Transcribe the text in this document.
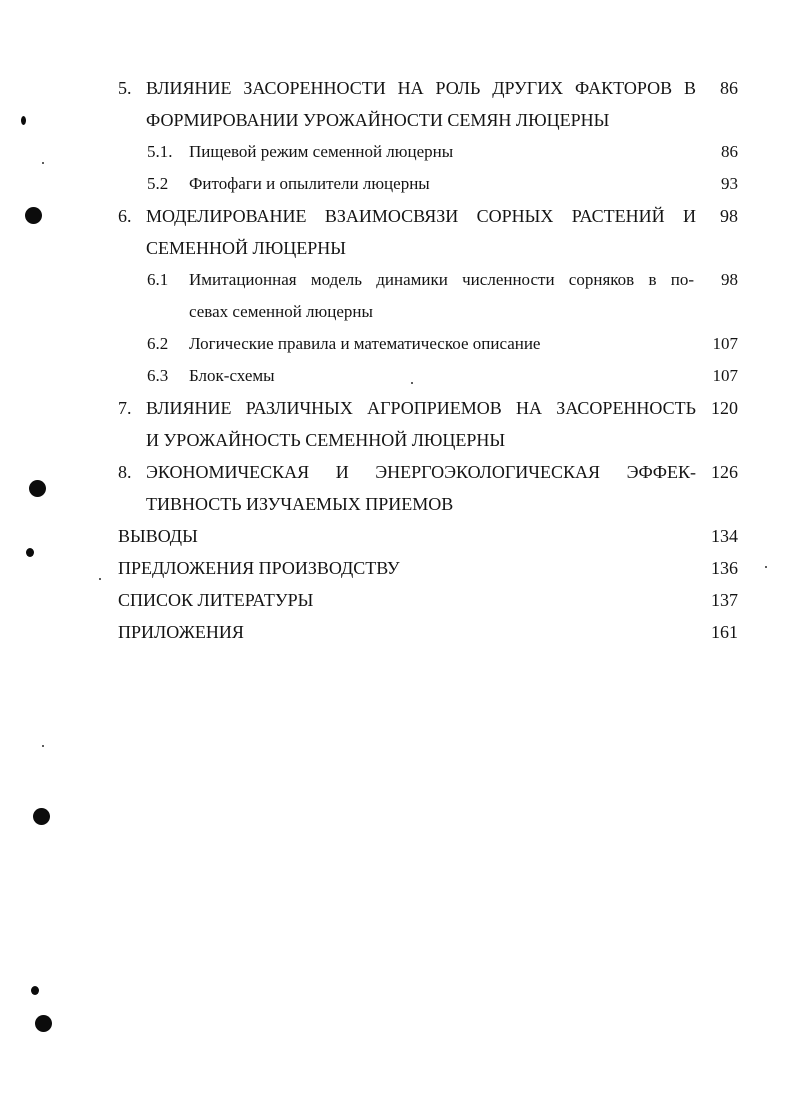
5. ВЛИЯНИЕ ЗАСОРЕННОСТИ НА РОЛЬ ДРУГИХ ФАКТОРОВ В	86
ФОРМИРОВАНИИ УРОЖАЙНОСТИ СЕМЯН ЛЮЦЕРНЫ
5.1. Пищевой режим семенной люцерны	86
5.2 Фитофаги и опылители люцерны	93
6. МОДЕЛИРОВАНИЕ ВЗАИМОСВЯЗИ СОРНЫХ РАСТЕНИЙ И	98
СЕМЕННОЙ ЛЮЦЕРНЫ
6.1 Имитационная модель динамики численности сорняков в по-	98
севах семенной люцерны
6.2 Логические правила и математическое описание	107
6.3 Блок-схемы	107
7. ВЛИЯНИЕ РАЗЛИЧНЫХ АГРОПРИЕМОВ НА ЗАСОРЕННОСТЬ 120
И УРОЖАЙНОСТЬ СЕМЕННОЙ ЛЮЦЕРНЫ
8. ЭКОНОМИЧЕСКАЯ И ЭНЕРГОЭКОЛОГИЧЕСКАЯ ЭФФЕК- 126
ТИВНОСТЬ ИЗУЧАЕМЫХ ПРИЕМОВ
ВЫВОДЫ	134
ПРЕДЛОЖЕНИЯ ПРОИЗВОДСТВУ	136
СПИСОК ЛИТЕРАТУРЫ	137
ПРИЛОЖЕНИЯ	161
